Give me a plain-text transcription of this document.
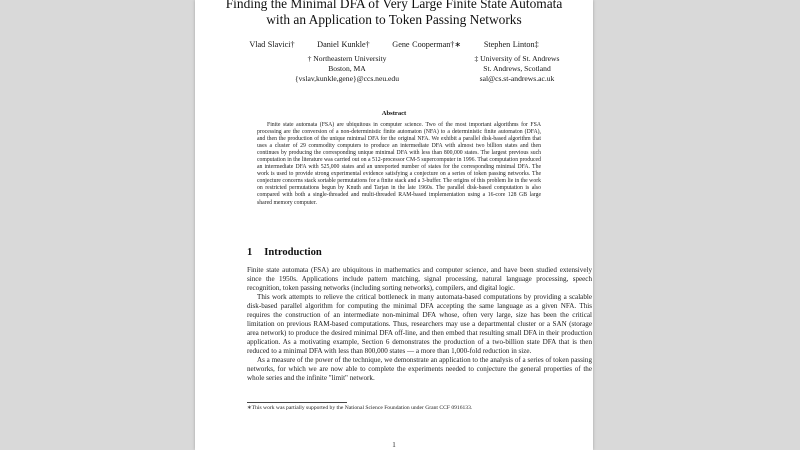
Finding the Minimal DFA of Very Large Finite State Automata
with an Application to Token Passing Networks
Vlad Slavici†	Daniel Kunkle†	Gene Cooperman†∗	Stephen Linton‡
† Northeastern University
Boston, MA
{vslav,kunkle,gene}@ccs.neu.edu
‡ University of St. Andrews
St. Andrews, Scotland
sal@cs.st-andrews.ac.uk
Abstract

Finite state automata (FSA) are ubiquitous in computer science. Two of the most important algorithms for FSA processing are the conversion of a non-deterministic finite automaton (NFA) to a deterministic finite automaton (DFA), and then the production of the unique minimal DFA for the original NFA. We exhibit a parallel disk-based algorithm that uses a cluster of 29 commodity computers to produce an intermediate DFA with almost two billion states and then continues by producing the corresponding unique minimal DFA with less than 800,000 states. The largest previous such computation in the literature was carried out on a 512-processor CM-5 supercomputer in 1996. That computation produced an intermediate DFA with 525,000 states and an unreported number of states for the corresponding minimal DFA. The work is used to provide strong experimental evidence satisfying a conjecture on a series of token passing networks. The conjecture concerns stack sortable permutations for a finite stack and a 3-buffer. The origins of this problem lie in the work on restricted permutations begun by Knuth and Tarjan in the late 1960s. The parallel disk-based computation is also compared with both a single-threaded and multi-threaded RAM-based implementation using a 16-core 128 GB large shared memory computer.

1 Introduction

Finite state automata (FSA) are ubiquitous in mathematics and computer science, and have been studied extensively since the 1950s. Applications include pattern matching, signal processing, natural language processing, speech recognition, token passing networks (including sorting networks), compilers, and digital logic.

This work attempts to relieve the critical bottleneck in many automata-based computations by providing a scalable disk-based parallel algorithm for computing the minimal DFA accepting the same language as a given NFA. This requires the construction of an intermediate non-minimal DFA whose, often very large, size has been the critical limitation on previous RAM-based computations. Thus, researchers may use a departmental cluster or a SAN (storage area network) to produce the desired minimal DFA off-line, and then embed that resulting small DFA in their production application. As a motivating example, Section 6 demonstrates the production of a two-billion state DFA that is then reduced to a minimal DFA with less than 800,000 states — a more than 1,000-fold reduction in size.

As a measure of the power of the technique, we demonstrate an application to the analysis of a series of token passing networks, for which we are now able to complete the experiments needed to conjecture the general properties of the whole series and the infinite "limit" network.

∗This work was partially supported by the National Science Foundation under Grant CCF 0916133.
1
